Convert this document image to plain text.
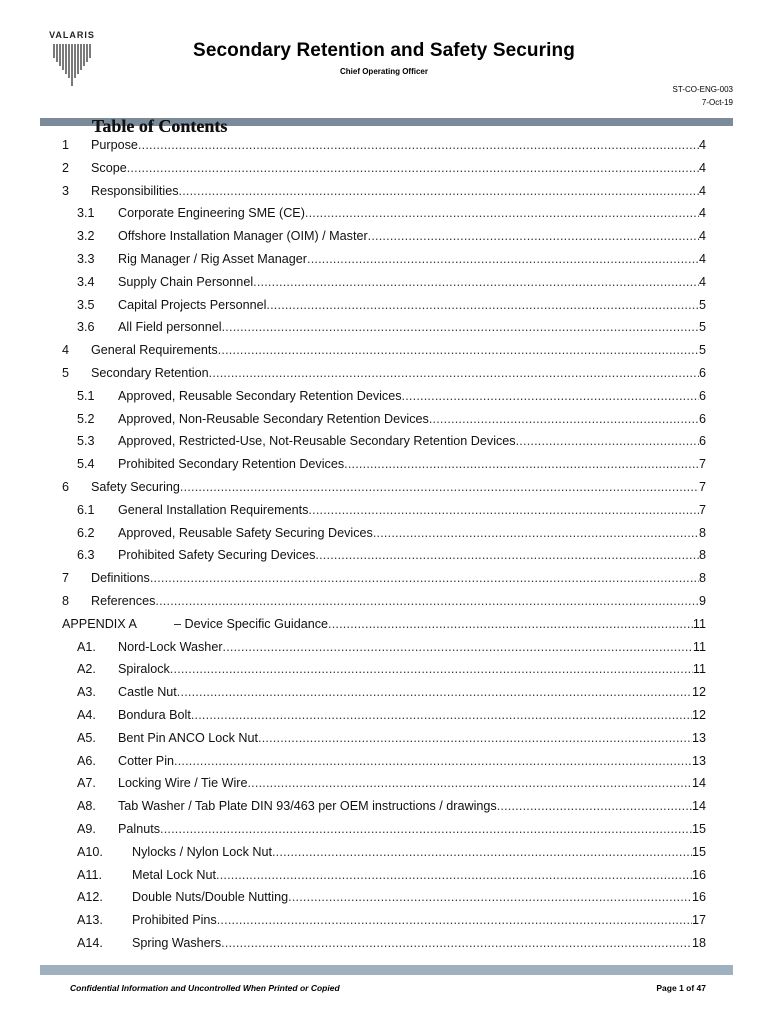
VALARIS
Secondary Retention and Safety Securing
Chief Operating Officer
ST-CO-ENG-003
7-Oct-19
Table of Contents
1	Purpose .....	4
2	Scope .....	4
3	Responsibilities .....	4
3.1	Corporate Engineering SME (CE) .....	4
3.2	Offshore Installation Manager (OIM) / Master .....	4
3.3	Rig Manager / Rig Asset Manager .....	4
3.4	Supply Chain Personnel .....	4
3.5	Capital Projects Personnel .....	5
3.6	All Field personnel .....	5
4	General Requirements .....	5
5	Secondary Retention .....	6
5.1	Approved, Reusable Secondary Retention Devices .....	6
5.2	Approved, Non-Reusable Secondary Retention Devices .....	6
5.3	Approved, Restricted-Use, Not-Reusable Secondary Retention Devices .....	6
5.4	Prohibited Secondary Retention Devices .....	7
6	Safety Securing .....	7
6.1	General Installation Requirements .....	7
6.2	Approved, Reusable Safety Securing Devices .....	8
6.3	Prohibited Safety Securing Devices .....	8
7	Definitions .....	8
8	References .....	9
APPENDIX A	– Device Specific Guidance .....	11
A1.	Nord-Lock Washer .....	11
A2.	Spiralock .....	11
A3.	Castle Nut .....	12
A4.	Bondura Bolt .....	12
A5.	Bent Pin ANCO Lock Nut .....	13
A6.	Cotter Pin .....	13
A7.	Locking Wire / Tie Wire .....	14
A8.	Tab Washer / Tab Plate DIN 93/463 per OEM instructions / drawings .....	14
A9.	Palnuts .....	15
A10.	Nylocks / Nylon Lock Nut .....	15
A11.	Metal Lock Nut .....	16
A12.	Double Nuts/Double Nutting .....	16
A13.	Prohibited Pins .....	17
A14.	Spring Washers .....	18
Confidential Information and Uncontrolled When Printed or Copied	Page 1 of 47
